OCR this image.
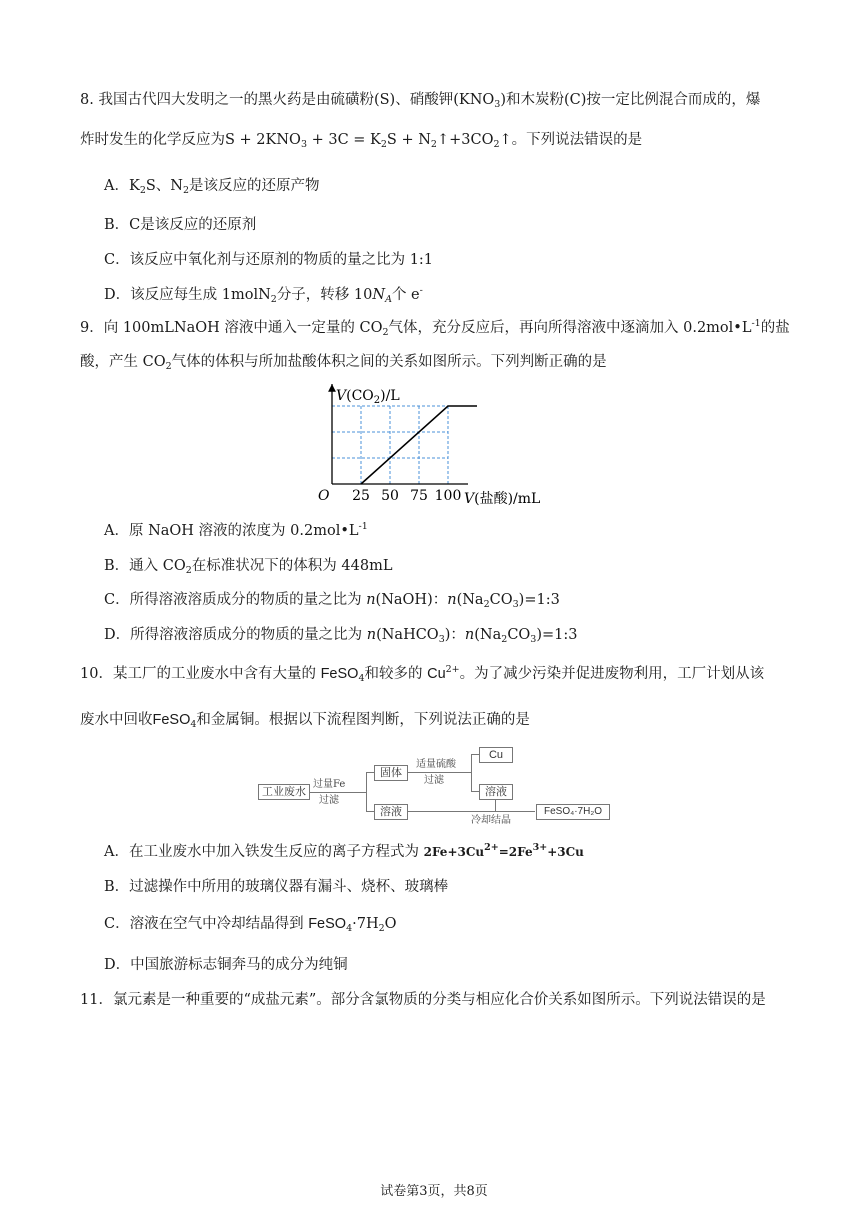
8. 我国古代四大发明之一的黑火药是由硫磺粉(S)、硝酸钾$(KNO_3)$和木炭粉(C)按一定比例混合而成的，爆
炸时发生的化学反应为$S + 2KNO_3 + 3C = K_2S$ + $N_2↑+3CO_2↑$。下列说法错误的是
A．$K_2S$、$N_2$是该反应的还原产物
B．C是该反应的还原剂
C．该反应中氧化剂与还原剂的物质的量之比为 1:1
D．该反应每生成 1molN$_2$分子，转移 $10N_A$个 e-
9．向 100mLNaOH 溶液中通入一定量的 $CO_2$气体，充分反应后，再向所得溶液中逐滴加入 $0.2mol•L^{-1}$的盐
酸，产生 $CO_2$气体的体积与所加盐酸体积之间的关系如图所示。下列判断正确的是
25 50 75 100
$V(CO_2)/L$
O	V(盐酸)/mL
A．原 NaOH 溶液的浓度为 $0.2mol•L^{-1}$
B．通入 $CO_2$在标准状况下的体积为 448mL
C．所得溶液溶质成分的物质的量之比为 n(NaOH)：$n(Na_2CO_3)=1:3$
D．所得溶液溶质成分的物质的量之比为 n(NaHCO$_3$)：$n(Na_2CO_3)=1:3$
10．某工厂的工业废水中含有大量的 FeSO$_4$和较多的 $Cu^{2+}$。为了减少污染并促进废物利用，工厂计划从该
废水中回收FeSO$_4$和金属铜。根据以下流程图判断，下列说法正确的是
工业废水
过量Fe
过滤
固体
溶液
适量硫酸
过滤
Cu
溶液
冷却结晶
FeSO₄·7H₂O
A．在工业废水中加入铁发生反应的离子方程式为 $2Fe+3Cu^{2+}=2Fe^{3+}+3Cu$
B．过滤操作中所用的玻璃仪器有漏斗、烧杯、玻璃棒
C．溶液在空气中冷却结晶得到 $FeSO_4\cdot 7H_2O$
D．中国旅游标志铜奔马的成分为纯铜
11．氯元素是一种重要的“成盐元素”。部分含氯物质的分类与相应化合价关系如图所示。下列说法错误的是
试卷第3页，共8页
